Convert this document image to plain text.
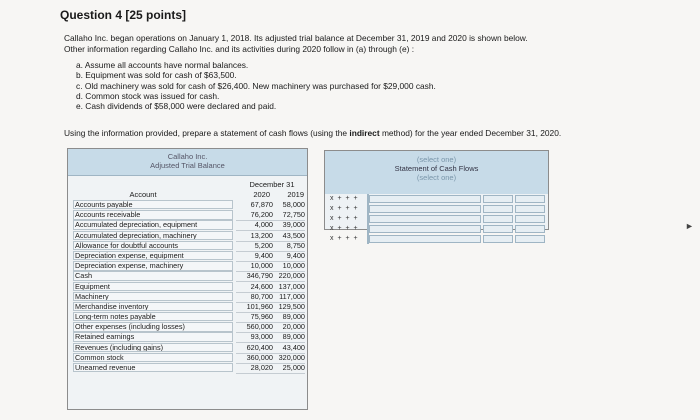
Question 4 [25 points]
Callaho Inc. began operations on January 1, 2018. Its adjusted trial balance at December 31, 2019 and 2020 is shown below.
Other information regarding Callaho Inc. and its activities during 2020 follow in (a) through (e) :
a. Assume all accounts have normal balances.
b. Equipment was sold for cash of $63,500.
c. Old machinery was sold for cash of $26,400. New machinery was purchased for $29,000 cash.
d. Common stock was issued for cash.
e. Cash dividends of $58,000 were declared and paid.
Using the information provided, prepare a statement of cash flows (using the indirect method) for the year ended December 31, 2020.
Callaho Inc.
Adjusted Trial Balance
December 31
Account	2020	2019
Accounts payable	67,870	58,000
Accounts receivable	76,200	72,750
Accumulated depreciation, equipment	4,000	39,000
Accumulated depreciation, machinery	13,200	43,500
Allowance for doubtful accounts	5,200	8,750
Depreciation expense, equipment	9,400	9,400
Depreciation expense, machinery	10,000	10,000
Cash	346,790 220,000
Equipment	24,600 137,000
Machinery	80,700 117,000
Merchandise inventory	101,960 129,500
Long-term notes payable	75,960	89,000
Other expenses (including losses)	560,000	20,000
Retained earnings	93,000	89,000
Revenues (including gains)	620,400	43,400
Common stock	360,000 320,000
Unearned revenue	28,020	25,000
(select one)
Statement of Cash Flows
(select one)
x + + +
x + + +
x + + +
x + + +
x + + +
►
